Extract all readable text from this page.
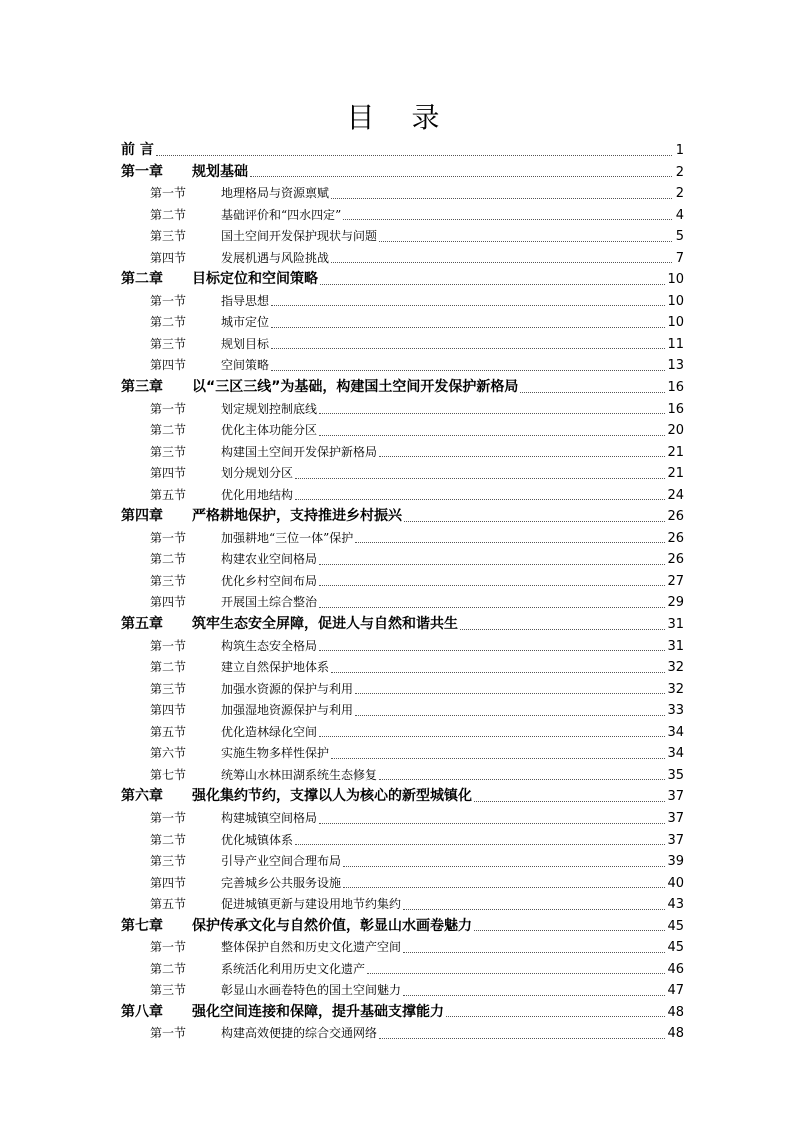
目 录
前 言	1
第一章	规划基础	2
第一节	地理格局与资源禀赋	2
第二节	基础评价和“四水四定”	4
第三节	国土空间开发保护现状与问题	5
第四节	发展机遇与风险挑战	7
第二章	目标定位和空间策略	10
第一节	指导思想	10
第二节	城市定位	10
第三节	规划目标	11
第四节	空间策略	13
第三章	以“三区三线”为基础，构建国土空间开发保护新格局	16
第一节	划定规划控制底线	16
第二节	优化主体功能分区	20
第三节	构建国土空间开发保护新格局	21
第四节	划分规划分区	21
第五节	优化用地结构	24
第四章	严格耕地保护，支持推进乡村振兴	26
第一节	加强耕地“三位一体”保护	26
第二节	构建农业空间格局	26
第三节	优化乡村空间布局	27
第四节	开展国土综合整治	29
第五章	筑牢生态安全屏障，促进人与自然和谐共生	31
第一节	构筑生态安全格局	31
第二节	建立自然保护地体系	32
第三节	加强水资源的保护与利用	32
第四节	加强湿地资源保护与利用	33
第五节	优化造林绿化空间	34
第六节	实施生物多样性保护	34
第七节	统筹山水林田湖系统生态修复	35
第六章	强化集约节约，支撑以人为核心的新型城镇化	37
第一节	构建城镇空间格局	37
第二节	优化城镇体系	37
第三节	引导产业空间合理布局	39
第四节	完善城乡公共服务设施	40
第五节	促进城镇更新与建设用地节约集约	43
第七章	保护传承文化与自然价值，彰显山水画卷魅力	45
第一节	整体保护自然和历史文化遗产空间	45
第二节	系统活化利用历史文化遗产	46
第三节	彰显山水画卷特色的国土空间魅力	47
第八章	强化空间连接和保障，提升基础支撑能力	48
第一节	构建高效便捷的综合交通网络	48
